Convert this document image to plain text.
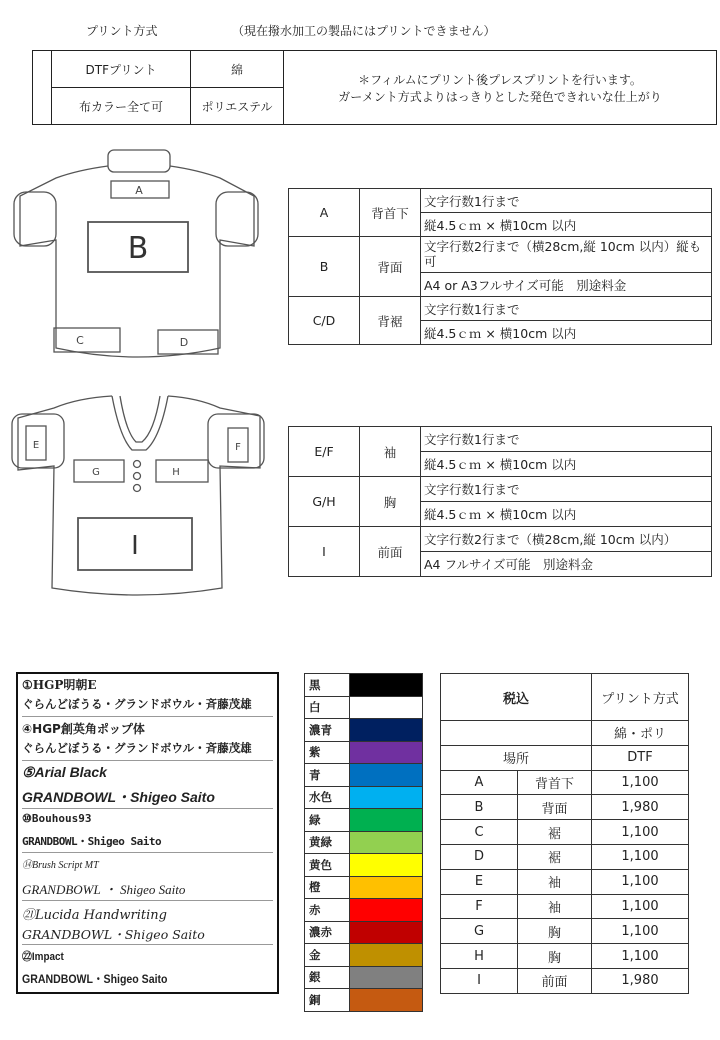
プリント方式	（現在撥水加工の製品にはプリントできません）
	DTFプリント	綿	＊フィルムにプリント後プレスプリントを行います。
ガーメント方式よりはっきりとした発色できれいな仕上がり

	布カラー全て可	ポリエステル	
A
B
C	D
A	背首下	文字行数1行まで
		縦4.5ｃｍ × 横10cm 以内
B	背面	文字行数2行まで（横28cm,縦 10cm 以内）縦も可
		A4 or A3フルサイズ可能　別途料金
C/D	背裾	文字行数1行まで
		縦4.5ｃｍ × 横10cm 以内
E	F
G	H
I
E/F	袖	文字行数1行まで
		縦4.5ｃｍ × 横10cm 以内
G/H	胸	文字行数1行まで
		縦4.5ｃｍ × 横10cm 以内
I	前面	文字行数2行まで（横28cm,縦 10cm 以内）
		A4 フルサイズ可能　別途料金
①HGP明朝E
ぐらんどぼうる・グランドボウル・斉藤茂雄
④HGP創英角ポップ体
ぐらんどぼうる・グランドボウル・斉藤茂雄
⑤Arial Black
GRANDBOWL・Shigeo Saito
⑩Bouhous93
GRANDBOWL・Shigeo Saito
⑭Brush Script MT
GRANDBOWL ・ Shigeo Saito
㉑Lucida Handwriting
GRANDBOWL・Shigeo Saito
㉒Impact
GRANDBOWL・Shigeo Saito
黒	
白	
濃青	
紫	
青	
水色	
緑	
黄緑	
黄色	
橙	
赤	
濃赤	
金	
銀	
銅	
税込		プリント方式
		綿・ポリ
場所		DTF
A	背首下	1,100
B	背面	1,980
C	裾	1,100
D	裾	1,100
E	袖	1,100
F	袖	1,100
G	胸	1,100
H	胸	1,100
I	前面	1,980
